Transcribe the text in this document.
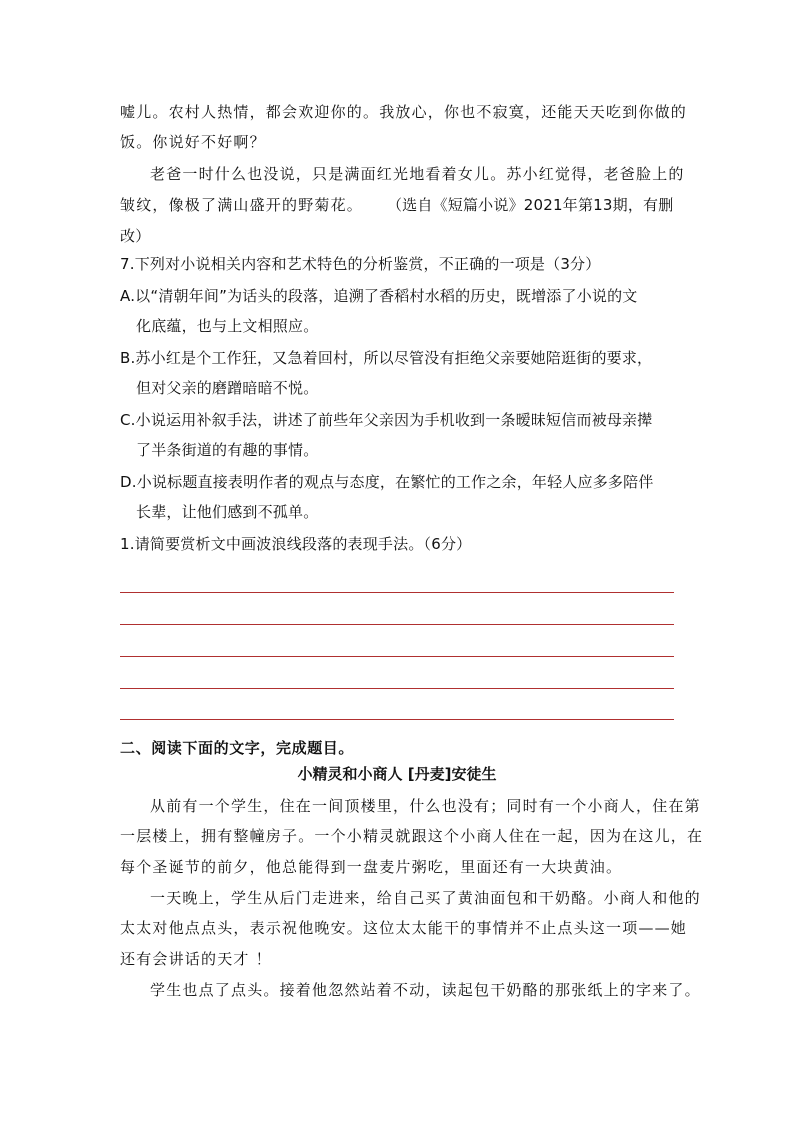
嘘儿。农村人热情，都会欢迎你的。我放心，你也不寂寞，还能天天吃到你做的
饭。你说好不好啊？
老爸一时什么也没说，只是满面红光地看着女儿。苏小红觉得，老爸脸上的
皱纹，像极了满山盛开的野菊花。 （选自《短篇小说》2021年第13期，有删
改）
7.下列对小说相关内容和艺术特色的分析鉴赏，不正确的一项是（3分）
A.以“清朝年间”为话头的段落，追溯了香稻村水稻的历史，既增添了小说的文
化底蕴，也与上文相照应。
B.苏小红是个工作狂，又急着回村，所以尽管没有拒绝父亲要她陪逛街的要求，
但对父亲的磨蹭暗暗不悦。
C.小说运用补叙手法，讲述了前些年父亲因为手机收到一条暧昧短信而被母亲撵
了半条街道的有趣的事情。
D.小说标题直接表明作者的观点与态度，在繁忙的工作之余，年轻人应多多陪伴
长辈，让他们感到不孤单。
1.请简要赏析文中画波浪线段落的表现手法。（6分）
二、阅读下面的文字，完成题目。
小精灵和小商人 [丹麦]安徒生
从前有一个学生，住在一间顶楼里，什么也没有；同时有一个小商人，住在第
一层楼上，拥有整幢房子。一个小精灵就跟这个小商人住在一起，因为在这儿，在
每个圣诞节的前夕，他总能得到一盘麦片粥吃，里面还有一大块黄油。
一天晚上，学生从后门走进来，给自己买了黄油面包和干奶酪。小商人和他的
太太对他点点头，表示祝他晚安。这位太太能干的事情并不止点头这一项——她
还有会讲话的天才 ！
学生也点了点头。接着他忽然站着不动，读起包干奶酪的那张纸上的字来了。
